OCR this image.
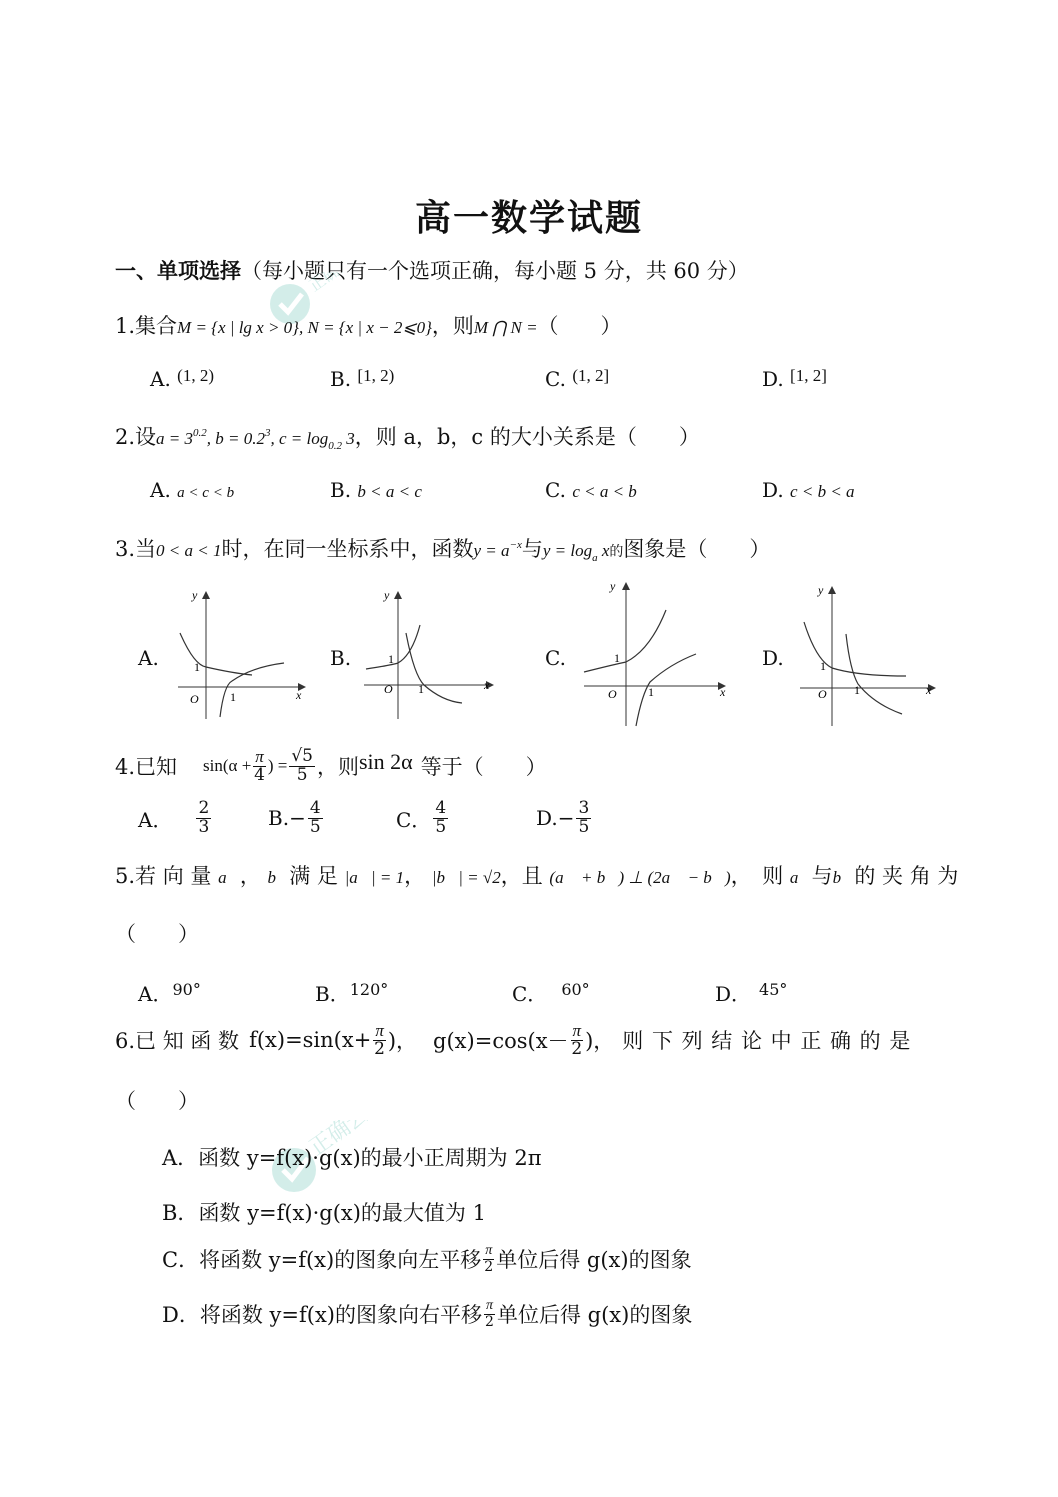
高一数学试题
一、单项选择（每小题只有一个选项正确，每小题 5 分，共 60 分）
正确云
正确云
1.集合M = {x | lg x > 0}, N = {x | x − 2⩽0}，则M ⋂ N =（　　）
A. $^{(1, 2)}$	B. $^{[1, 2)}$	C. $^{(1, 2]}$	D. [1, 2]
2.设$a = 3^{0.2}$, $b = 0.2^3$, $c = \log_{0.2} 3$，则 a，b，c 的大小关系是（　　）
A. a < c < b	B. b < a < c	C. c < a < b	D. c < b < a
3.当0 < a < 1时，在同一坐标系中，函数$y = a^{-x}$与$y = \log_a x$的图象是（　　）
A.
y
x
O
1
1
B.
y
x
O
1
1
C.
y
x
O
1
1
D.
y
x
O
1
1
4.已知 $\sin(\alpha + \frac{\pi}{4}$ ) = $\frac{√5}{5}$ ，则 sin 2α 等于（　　）
A． $\frac{2}{3}$	B. − $\frac{4}{5}$	C． $\frac{4}{5}$	D. − $\frac{3}{5}$
5.若 向 量 a⃗， b⃗满 足 |a⃗| = 1， |b⃗| = √2，且 (a⃗ + b⃗) ⊥ (2a⃗ − b⃗)，　则 a⃗与b⃗的 夹 角 为
（　　）
A．$^{90^\circ}$	B．$^{120^\circ}$	C． $^{60^\circ}$	D． $^{45^\circ}$
6.已 知 函 数 $f(x)=\sin(x+ \frac{\pi}{2}$ )， $g(x)=\cos(x- \frac{\pi}{2}$ )， 则 下 列 结 论 中 正 确 的 是
（　　）
A．函数 y=f(x)·g(x)的最小正周期为 2π
B．函数 y=f(x)·g(x)的最大值为 1
C． 将函数 y=f(x)的图象向左平移 $\frac{\pi}{2}$ 单位后得 g(x)的图象
D． 将函数 y=f(x)的图象向右平移 $\frac{\pi}{2}$ 单位后得 g(x)的图象
